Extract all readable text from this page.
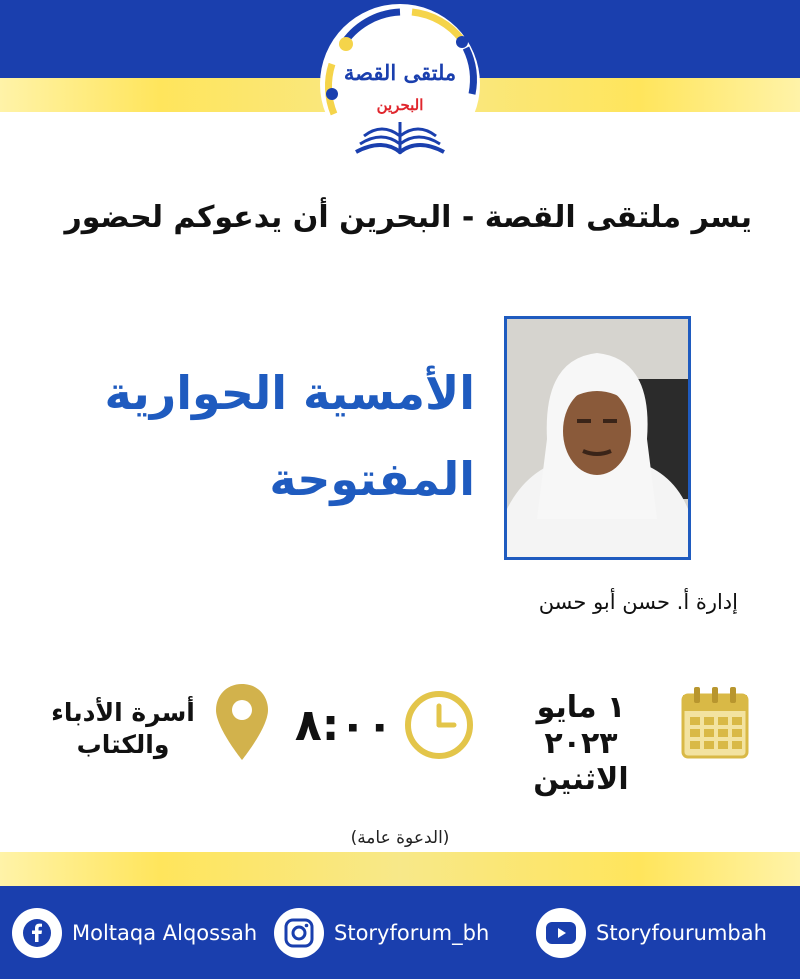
ملتقى القصة
البحرين
يسر ملتقى القصة - البحرين أن يدعوكم لحضور
الأمسية الحوارية
المفتوحة
إدارة أ. حسن أبو حسن
١ مايو ٢٠٢٣
الاثنين
٨:٠٠
أسرة الأدباء
والكتاب
(الدعوة عامة)
Moltaqa Alqossah	Storyforum_bh	Storyfourumbah
